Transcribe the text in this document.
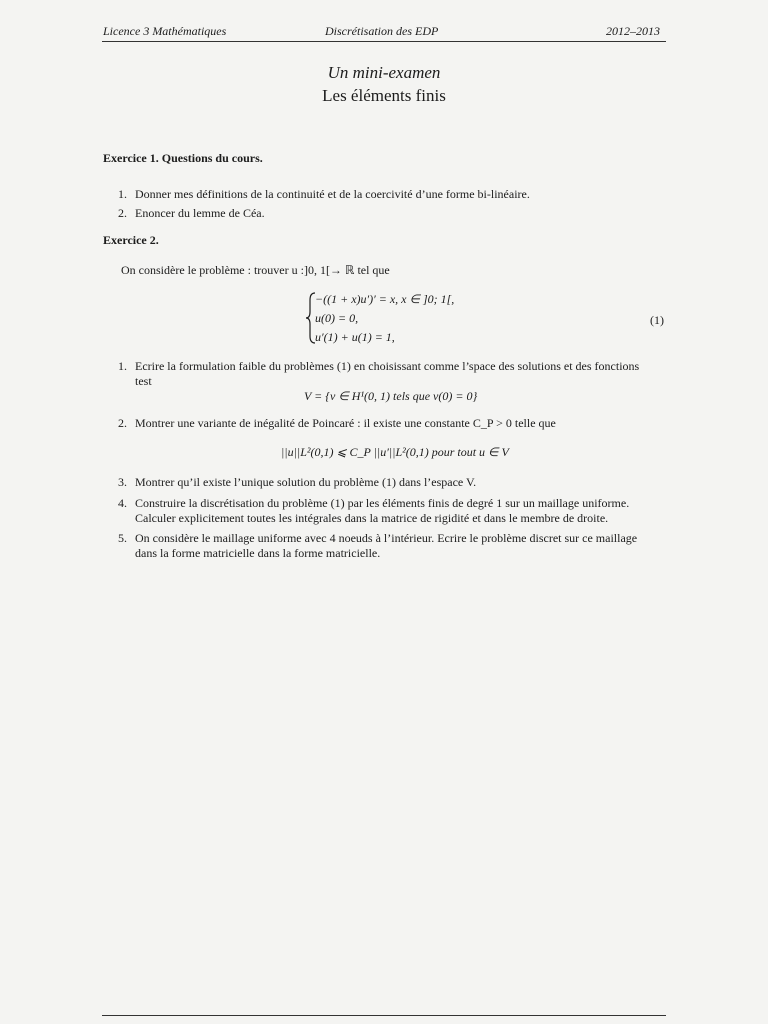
Licence 3 Mathématiques	Discrétisation des EDP	2012–2013
Un mini-examen
Les éléments finis
Exercice 1. Questions du cours.
1. Donner mes définitions de la continuité et de la coercivité d’une forme bi-linéaire.
2. Enoncer du lemme de Céa.
Exercice 2.
On considère le problème : trouver u :]0, 1[→ ℝ tel que
−((1 + x)u′)′ = x, x ∈ ]0; 1[,
u(0) = 0,
u′(1) + u(1) = 1,
(1)
1. Ecrire la formulation faible du problèmes (1) en choisissant comme l’space des solutions et des fonctions
test
V = {v ∈ H¹(0, 1) tels que v(0) = 0}
2. Montrer une variante de inégalité de Poincaré : il existe une constante C_P > 0 telle que
||u||L²(0,1) ⩽ C_P ||u′||L²(0,1) pour tout u ∈ V
3. Montrer qu’il existe l’unique solution du problème (1) dans l’espace V.
4. Construire la discrétisation du problème (1) par les éléments finis de degré 1 sur un maillage uniforme.
Calculer explicitement toutes les intégrales dans la matrice de rigidité et dans le membre de droite.
5. On considère le maillage uniforme avec 4 noeuds à l’intérieur. Ecrire le problème discret sur ce maillage
dans la forme matricielle dans la forme matricielle.
